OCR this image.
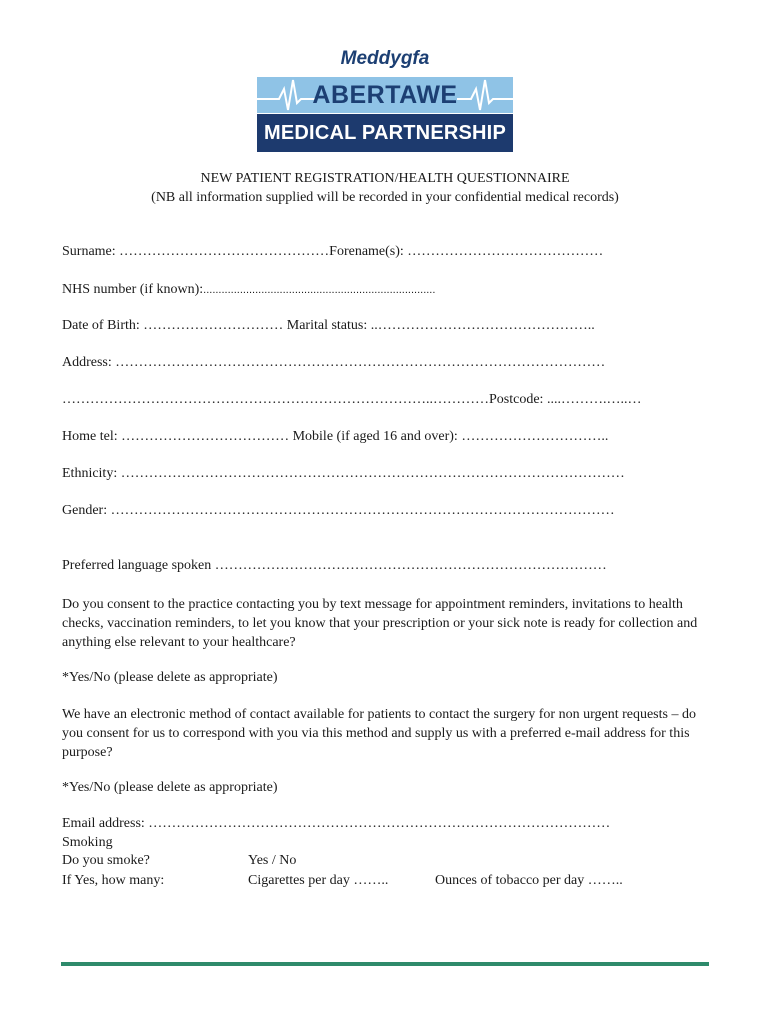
Meddygfa
ABERTAWE
MEDICAL PARTNERSHIP
NEW PATIENT REGISTRATION/HEALTH QUESTIONNAIRE
(NB all information supplied will be recorded in your confidential medical records)
Surname: ………………………………………Forename(s): ……………………………………
NHS number (if known):............................................................................
Date of Birth: ………………………… Marital status: ..………………………………………..
Address: ……………………………………………………………………………………………
……………………………………………………………………..…………Postcode: ....……….…..…
Home tel: ……………………………… Mobile (if aged 16 and over): …………………………..
Ethnicity: ………………………………………………………………………………………………
Gender: ………………………………………………………………………………………………
Preferred language spoken …………………………………………………………………………
Do you consent to the practice contacting you by text message for appointment reminders, invitations to health checks, vaccination reminders, to let you know that your prescription or your sick note is ready for collection and anything else relevant to your healthcare?
*Yes/No (please delete as appropriate)
We have an electronic method of contact available for patients to contact the surgery for non urgent requests – do you consent for us to correspond with you via this method and supply us with a preferred e-mail address for this purpose?
*Yes/No (please delete as appropriate)
Email address: ………………………………………………………………………………………
Smoking
Do you smoke?	Yes / No
If Yes, how many:	Cigarettes per day ……..	Ounces of tobacco per day ……..
